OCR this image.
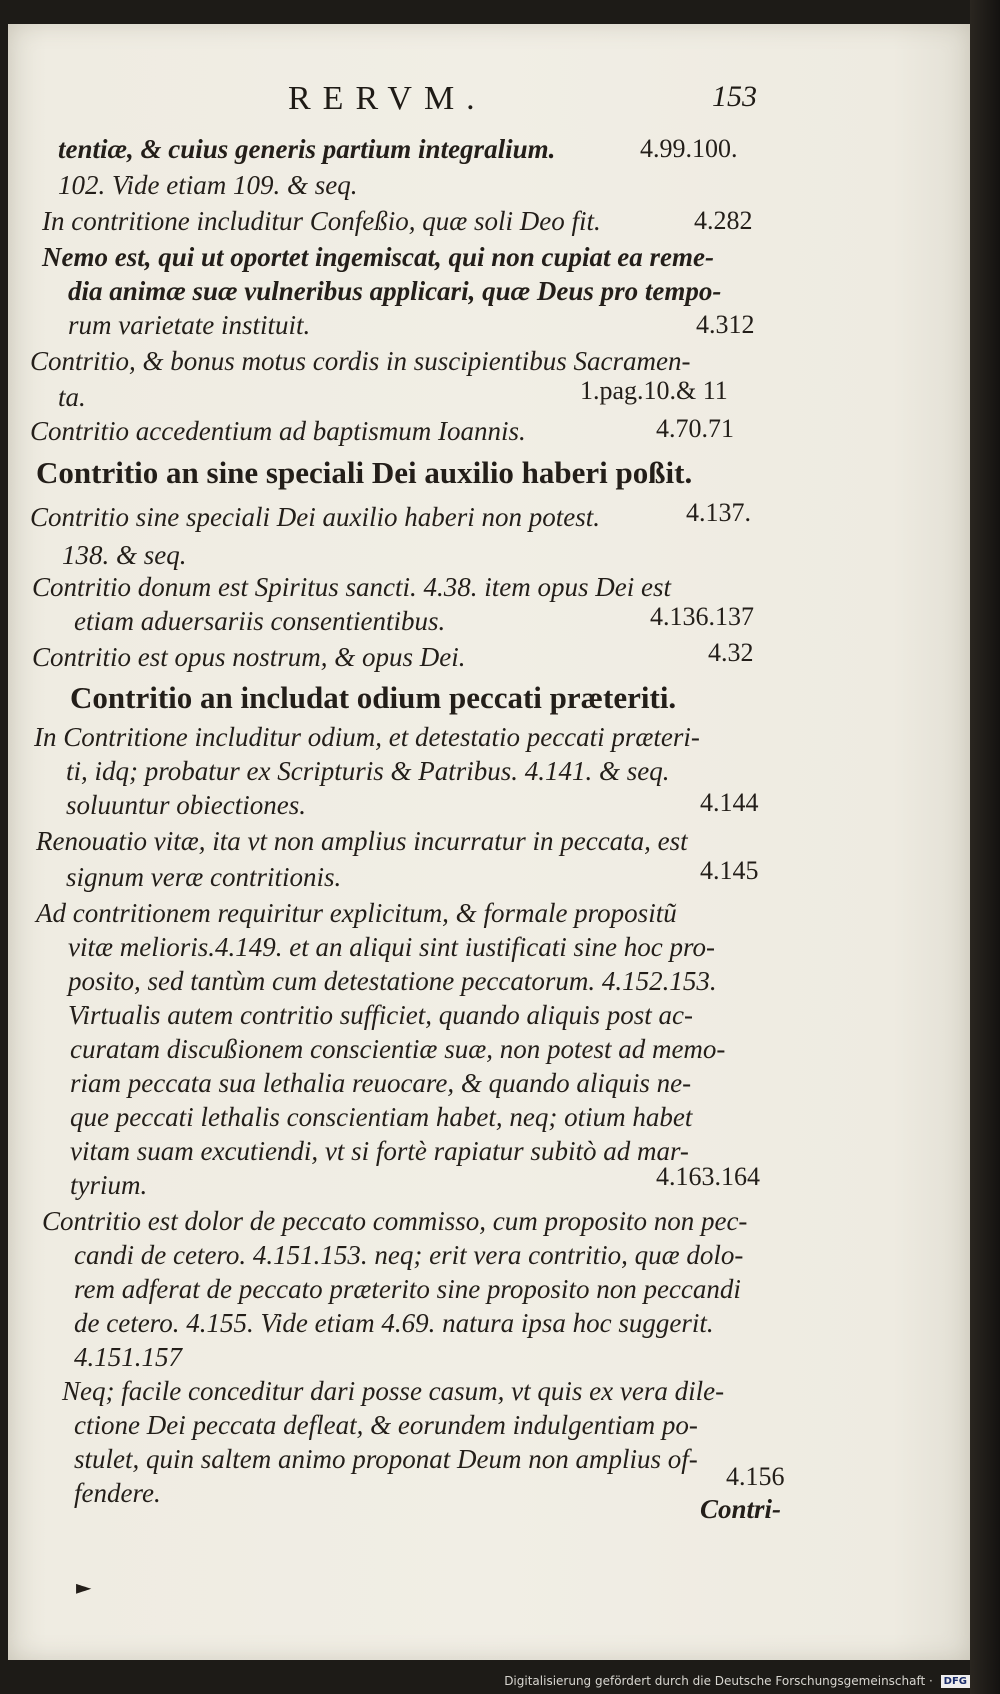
RERVM.	153
tentiæ, & cuius generis partium integralium.	4.99.100.
102. Vide etiam 109. & seq.
In contritione includitur Confeßio, quæ soli Deo fit.	4.282
Nemo est, qui ut oportet ingemiscat, qui non cupiat ea reme-
dia animæ suæ vulneribus applicari, quæ Deus pro tempo-
rum varietate instituit.	4.312
Contritio, & bonus motus cordis in suscipientibus Sacramen-
ta.	1.pag.10.& 11
Contritio accedentium ad baptismum Ioannis.	4.70.71
Contritio an sine speciali Dei auxilio haberi poßit.
Contritio sine speciali Dei auxilio haberi non potest.	4.137.
138. & seq.
Contritio donum est Spiritus sancti. 4.38. item opus Dei est
etiam aduersariis consentientibus.	4.136.137
Contritio est opus nostrum, & opus Dei.	4.32
Contritio an includat odium peccati præteriti.
In Contritione includitur odium, et detestatio peccati præteri-
ti, idq; probatur ex Scripturis & Patribus. 4.141. & seq.
soluuntur obiectiones.	4.144
Renouatio vitæ, ita vt non amplius incurratur in peccata, est
signum veræ contritionis.	4.145
Ad contritionem requiritur explicitum, & formale propositũ
vitæ melioris.4.149. et an aliqui sint iustificati sine hoc pro-
posito, sed tantùm cum detestatione peccatorum. 4.152.153.
Virtualis autem contritio sufficiet, quando aliquis post ac-
curatam discußionem conscientiæ suæ, non potest ad memo-
riam peccata sua lethalia reuocare, & quando aliquis ne-
que peccati lethalis conscientiam habet, neq; otium habet
vitam suam excutiendi, vt si fortè rapiatur subitò ad mar-
tyrium.	4.163.164
Contritio est dolor de peccato commisso, cum proposito non pec-
candi de cetero. 4.151.153. neq; erit vera contritio, quæ dolo-
rem adferat de peccato præterito sine proposito non peccandi
de cetero. 4.155. Vide etiam 4.69. natura ipsa hoc suggerit.
4.151.157
Neq; facile conceditur dari posse casum, vt quis ex vera dile-
ctione Dei peccata defleat, & eorundem indulgentiam po-
stulet, quin saltem animo proponat Deum non amplius of-
fendere.
4.156
Contri-
►
Digitalisierung gefördert durch die Deutsche Forschungsgemeinschaft · DFG
